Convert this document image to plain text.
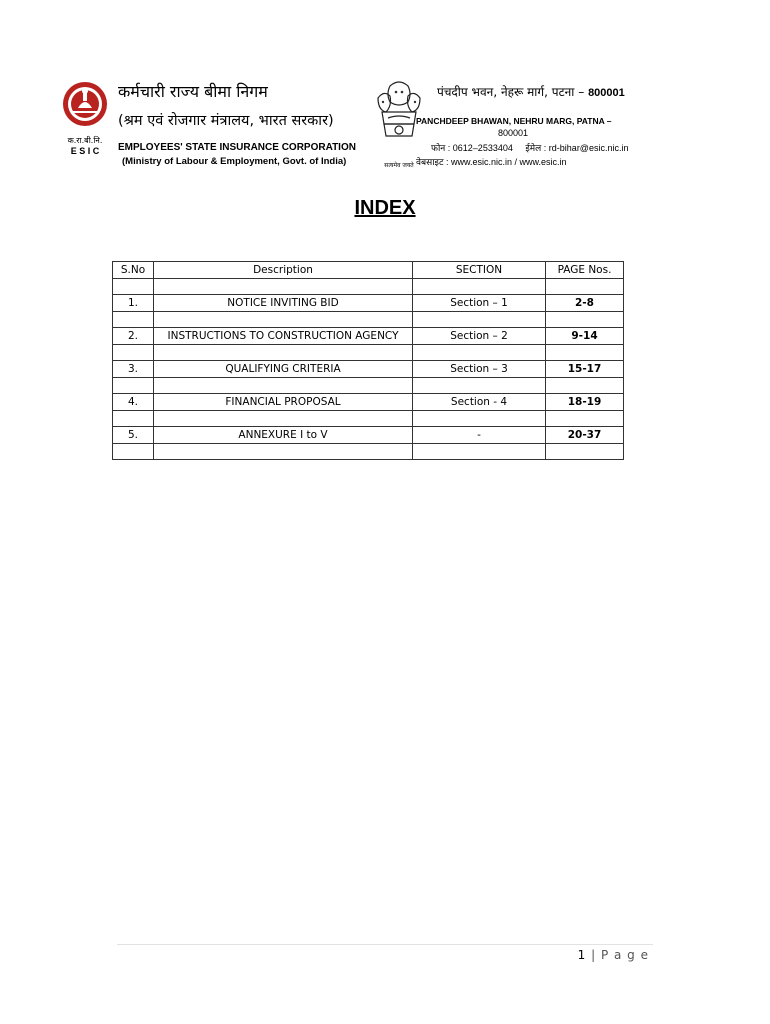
क.रा.बी.नि.
E S I C
कर्मचारी राज्य बीमा निगम
(श्रम एवं रोजगार मंत्रालय, भारत सरकार)
EMPLOYEES' STATE INSURANCE CORPORATION
(Ministry of Labour & Employment, Govt. of India)	सत्यमेव जयते
पंचदीप भवन, नेहरू मार्ग, पटना – 800001
PANCHDEEP BHAWAN, NEHRU MARG, PATNA –
800001
फोन : 0612–2533404 ईमेल : rd-bihar@esic.nic.in
वेबसाइट : www.esic.nic.in / www.esic.in
INDEX
S.No	Description	SECTION	PAGE Nos.

1.	NOTICE INVITING BID	Section – 1	2-8

2.	INSTRUCTIONS TO CONSTRUCTION AGENCY	Section – 2	9-14

3.	QUALIFYING CRITERIA	Section – 3	15-17

4.	FINANCIAL PROPOSAL	Section - 4	18-19

5.	ANNEXURE I to V	-	20-37

1 | P a g e
